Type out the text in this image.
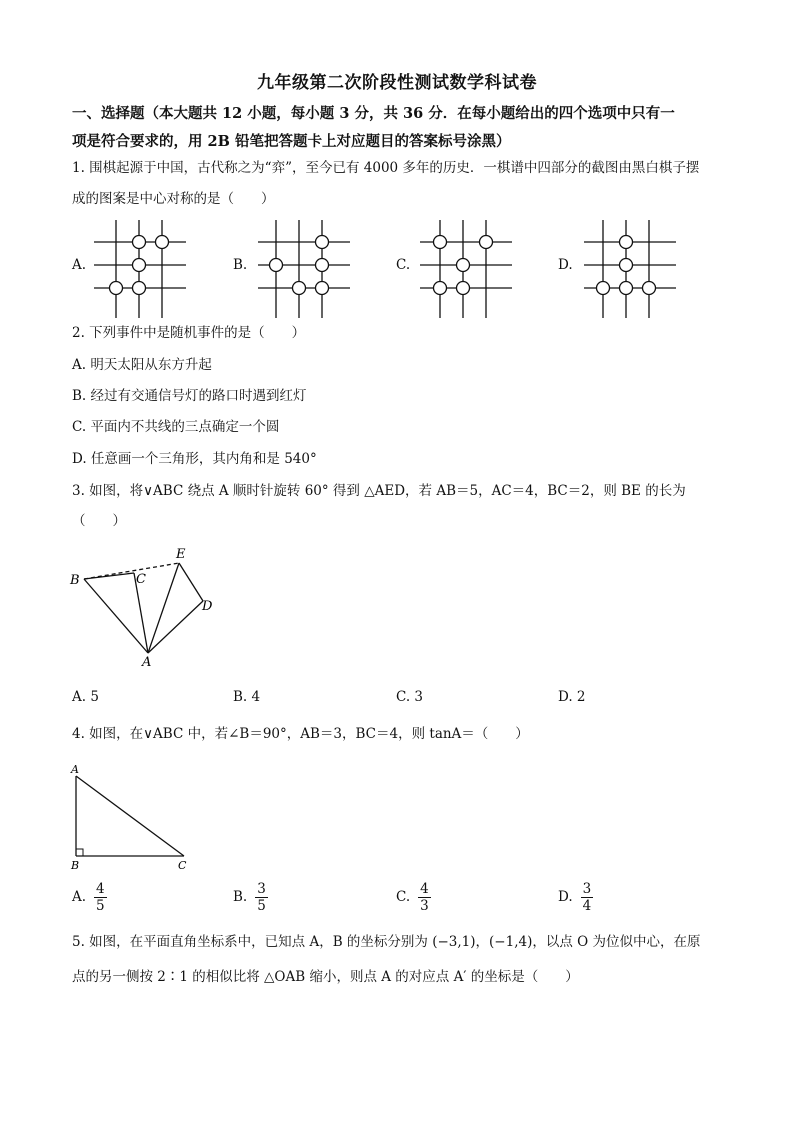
九年级第二次阶段性测试数学科试卷
一、选择题（本大题共 12 小题，每小题 3 分，共 36 分．在每小题给出的四个选项中只有一
项是符合要求的，用 2B 铅笔把答题卡上对应题目的答案标号涂黑）
1. 围棋起源于中国，古代称之为“弈”，至今已有 4000 多年的历史．一棋谱中四部分的截图由黑白棋子摆
成的图案是中心对称的是（　　）
A.	B.	C.	D.
2. 下列事件中是随机事件的是（　　）
A. 明天太阳从东方升起
B. 经过有交通信号灯的路口时遇到红灯
C. 平面内不共线的三点确定一个圆
D. 任意画一个三角形，其内角和是 540°
3. 如图，将∨ABC 绕点 A 顺时针旋转 60° 得到 △AED，若 AB＝5，AC＝4，BC＝2，则 BE 的长为
（　　）
B	C
E
D
A
A. 5	B. 4	C. 3	D. 2
4. 如图，在∨ABC 中，若∠B＝90°，AB＝3，BC＝4，则 tanA＝（　　）
A
B	C
A. $\frac{4}{5}$	B. $\frac{3}{5}$	C. $\frac{4}{3}$	D. $\frac{3}{4}$
5. 如图，在平面直角坐标系中，已知点 A，B 的坐标分别为 (−3,1)，(−1,4)，以点 O 为位似中心，在原
点的另一侧按 2∶1 的相似比将 △OAB 缩小，则点 A 的对应点 A′ 的坐标是（　　）
